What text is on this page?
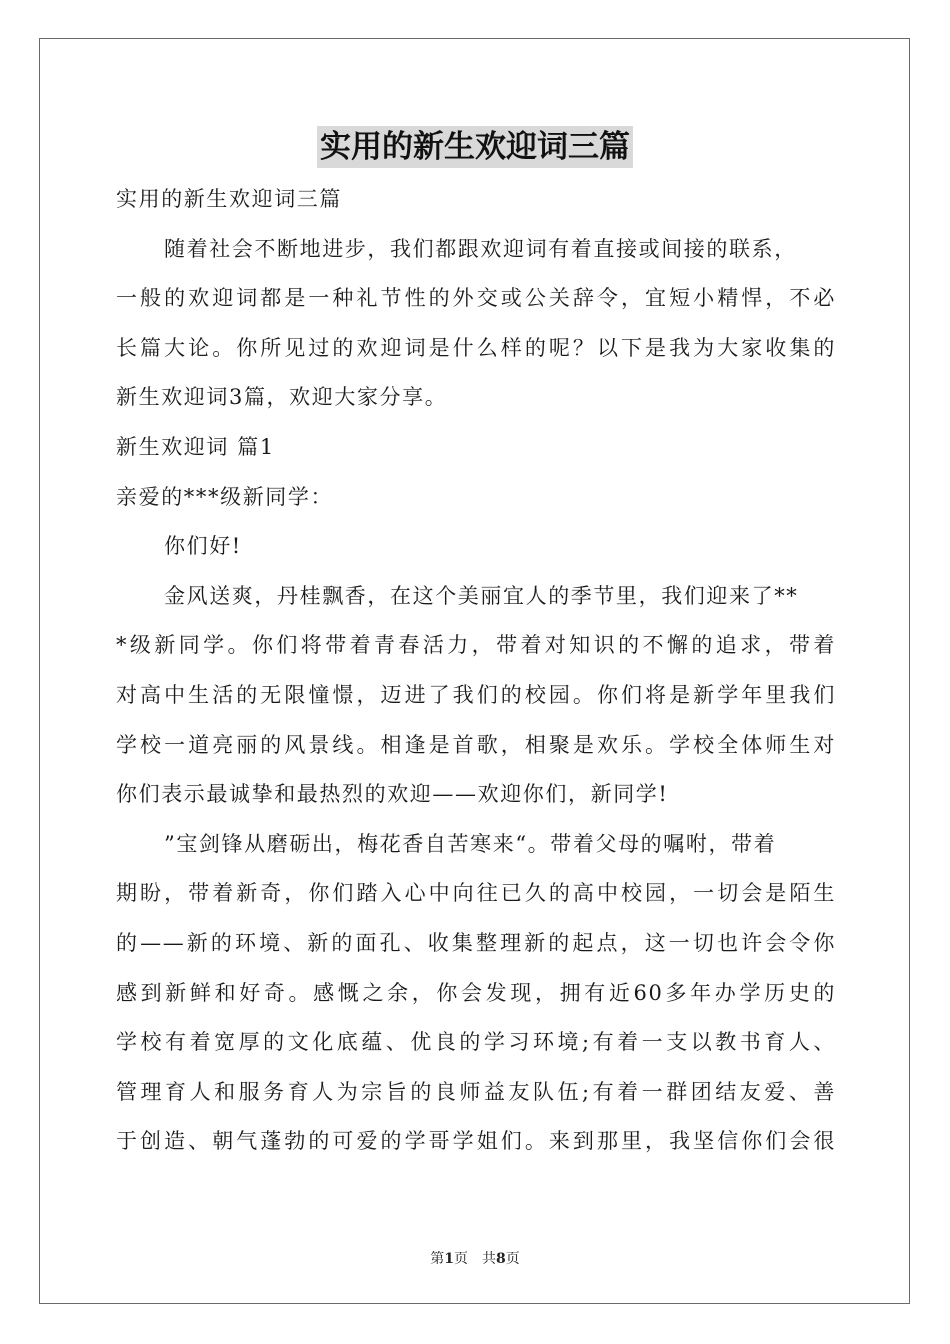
实用的新生欢迎词三篇
实用的新生欢迎词三篇
随着社会不断地进步，我们都跟欢迎词有着直接或间接的联系，
一般的欢迎词都是一种礼节性的外交或公关辞令，宜短小精悍，不必
长篇大论。你所见过的欢迎词是什么样的呢？以下是我为大家收集的
新生欢迎词3篇，欢迎大家分享。
新生欢迎词 篇1
亲爱的***级新同学：
你们好!
金风送爽，丹桂飘香，在这个美丽宜人的季节里，我们迎来了**
*级新同学。你们将带着青春活力，带着对知识的不懈的追求，带着
对高中生活的无限憧憬，迈进了我们的校园。你们将是新学年里我们
学校一道亮丽的风景线。相逢是首歌，相聚是欢乐。学校全体师生对
你们表示最诚挚和最热烈的欢迎——欢迎你们，新同学!
”宝剑锋从磨砺出，梅花香自苦寒来“。带着父母的嘱咐，带着
期盼，带着新奇，你们踏入心中向往已久的高中校园，一切会是陌生
的——新的环境、新的面孔、收集整理新的起点，这一切也许会令你
感到新鲜和好奇。感慨之余，你会发现，拥有近60多年办学历史的
学校有着宽厚的文化底蕴、优良的学习环境;有着一支以教书育人、
管理育人和服务育人为宗旨的良师益友队伍;有着一群团结友爱、善
于创造、朝气蓬勃的可爱的学哥学姐们。来到那里，我坚信你们会很
第1页　共8页
